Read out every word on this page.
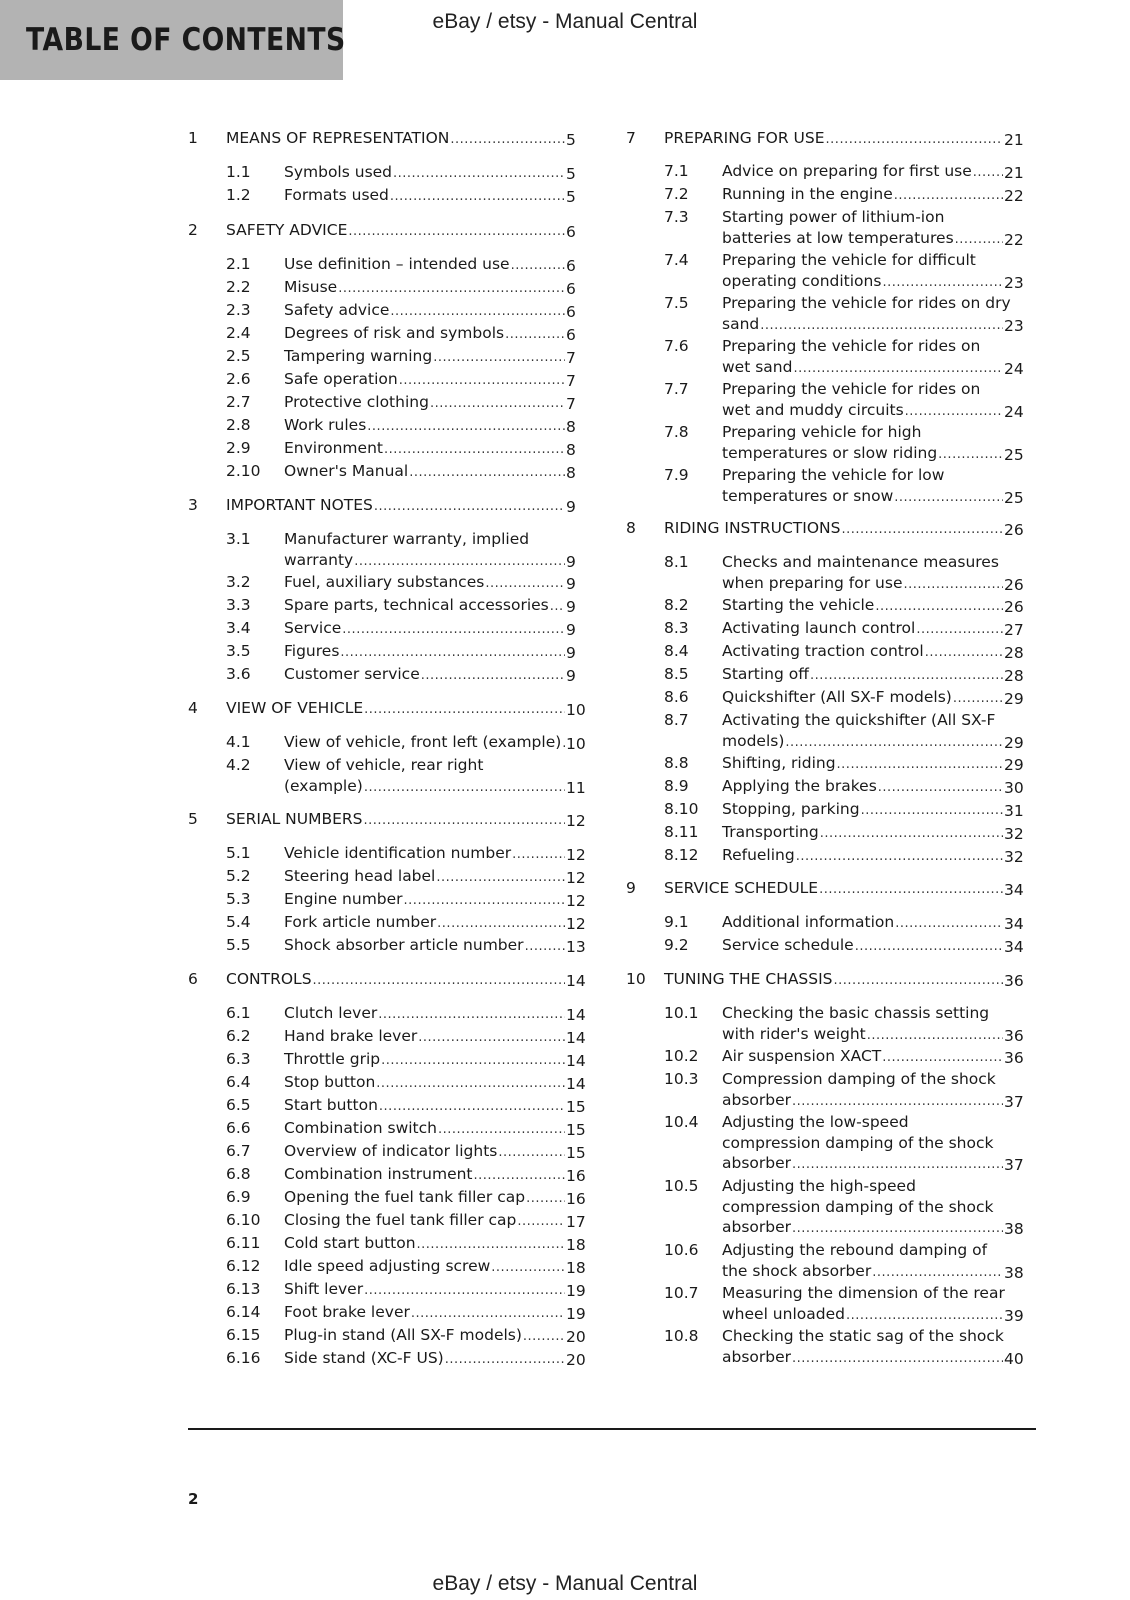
TABLE OF CONTENTS
eBay / etsy - Manual Central
1 MEANS OF REPRESENTATION .....	5
1.1 Symbols used .....	5
1.2 Formats used .....	5
2 SAFETY ADVICE .....	6
2.1 Use definition – intended use .....	6
2.2 Misuse .....	6
2.3 Safety advice .....	6
2.4 Degrees of risk and symbols .....	6
2.5 Tampering warning .....	7
2.6 Safe operation .....	7
2.7 Protective clothing .....	7
2.8 Work rules .....	8
2.9 Environment .....	8
2.10 Owner's Manual .....	8
3 IMPORTANT NOTES .....	9
3.1 Manufacturer warranty, implied
warranty .....	9
3.2 Fuel, auxiliary substances .....	9
3.3 Spare parts, technical accessories ..... 9
3.4 Service .....	9
3.5 Figures .....	9
3.6 Customer service .....	9
4 VIEW OF VEHICLE .....	10
4.1 View of vehicle, front left (example) ..... 10
4.2 View of vehicle, rear right
(example) .....	11
5 SERIAL NUMBERS .....	12
5.1 Vehicle identification number .....	12
5.2 Steering head label .....	12
5.3 Engine number .....	12
5.4 Fork article number .....	12
5.5 Shock absorber article number .....	13
6 CONTROLS .....	14
6.1 Clutch lever .....	14
6.2 Hand brake lever .....	14
6.3 Throttle grip .....	14
6.4 Stop button .....	14
6.5 Start button .....	15
6.6 Combination switch .....	15
6.7 Overview of indicator lights .....	15
6.8 Combination instrument .....	16
6.9 Opening the fuel tank filler cap .....	16
6.10 Closing the fuel tank filler cap .....	17
6.11 Cold start button .....	18
6.12 Idle speed adjusting screw .....	18
6.13 Shift lever .....	19
6.14 Foot brake lever .....	19
6.15 Plug-in stand (All SX-F models) .....	20
6.16 Side stand (XC-F US) .....	20
7 PREPARING FOR USE .....	21
7.1 Advice on preparing for first use ..... 21
7.2 Running in the engine .....	22
7.3 Starting power of lithium-ion
batteries at low temperatures .....	22
7.4 Preparing the vehicle for difficult
operating conditions .....	23
7.5 Preparing the vehicle for rides on dry
sand .....	23
7.6 Preparing the vehicle for rides on
wet sand .....	24
7.7 Preparing the vehicle for rides on
wet and muddy circuits .....	24
7.8 Preparing vehicle for high
temperatures or slow riding .....	25
7.9 Preparing the vehicle for low
temperatures or snow .....	25
8 RIDING INSTRUCTIONS .....	26
8.1 Checks and maintenance measures
when preparing for use .....	26
8.2 Starting the vehicle .....	26
8.3 Activating launch control .....	27
8.4 Activating traction control .....	28
8.5 Starting off .....	28
8.6 Quickshifter (All SX-F models) .....	29
8.7 Activating the quickshifter (All SX-F
models) .....	29
8.8 Shifting, riding .....	29
8.9 Applying the brakes .....	30
8.10 Stopping, parking .....	31
8.11 Transporting .....	32
8.12 Refueling .....	32
9 SERVICE SCHEDULE .....	34
9.1 Additional information .....	34
9.2 Service schedule .....	34
10 TUNING THE CHASSIS .....	36
10.1 Checking the basic chassis setting
with rider's weight .....	36
10.2 Air suspension XACT .....	36
10.3 Compression damping of the shock
absorber .....	37
10.4 Adjusting the low-speed
compression damping of the shock
absorber .....	37
10.5 Adjusting the high-speed
compression damping of the shock
absorber .....	38
10.6 Adjusting the rebound damping of
the shock absorber .....	38
10.7 Measuring the dimension of the rear
wheel unloaded .....	39
10.8 Checking the static sag of the shock
absorber .....	40
2
eBay / etsy - Manual Central
